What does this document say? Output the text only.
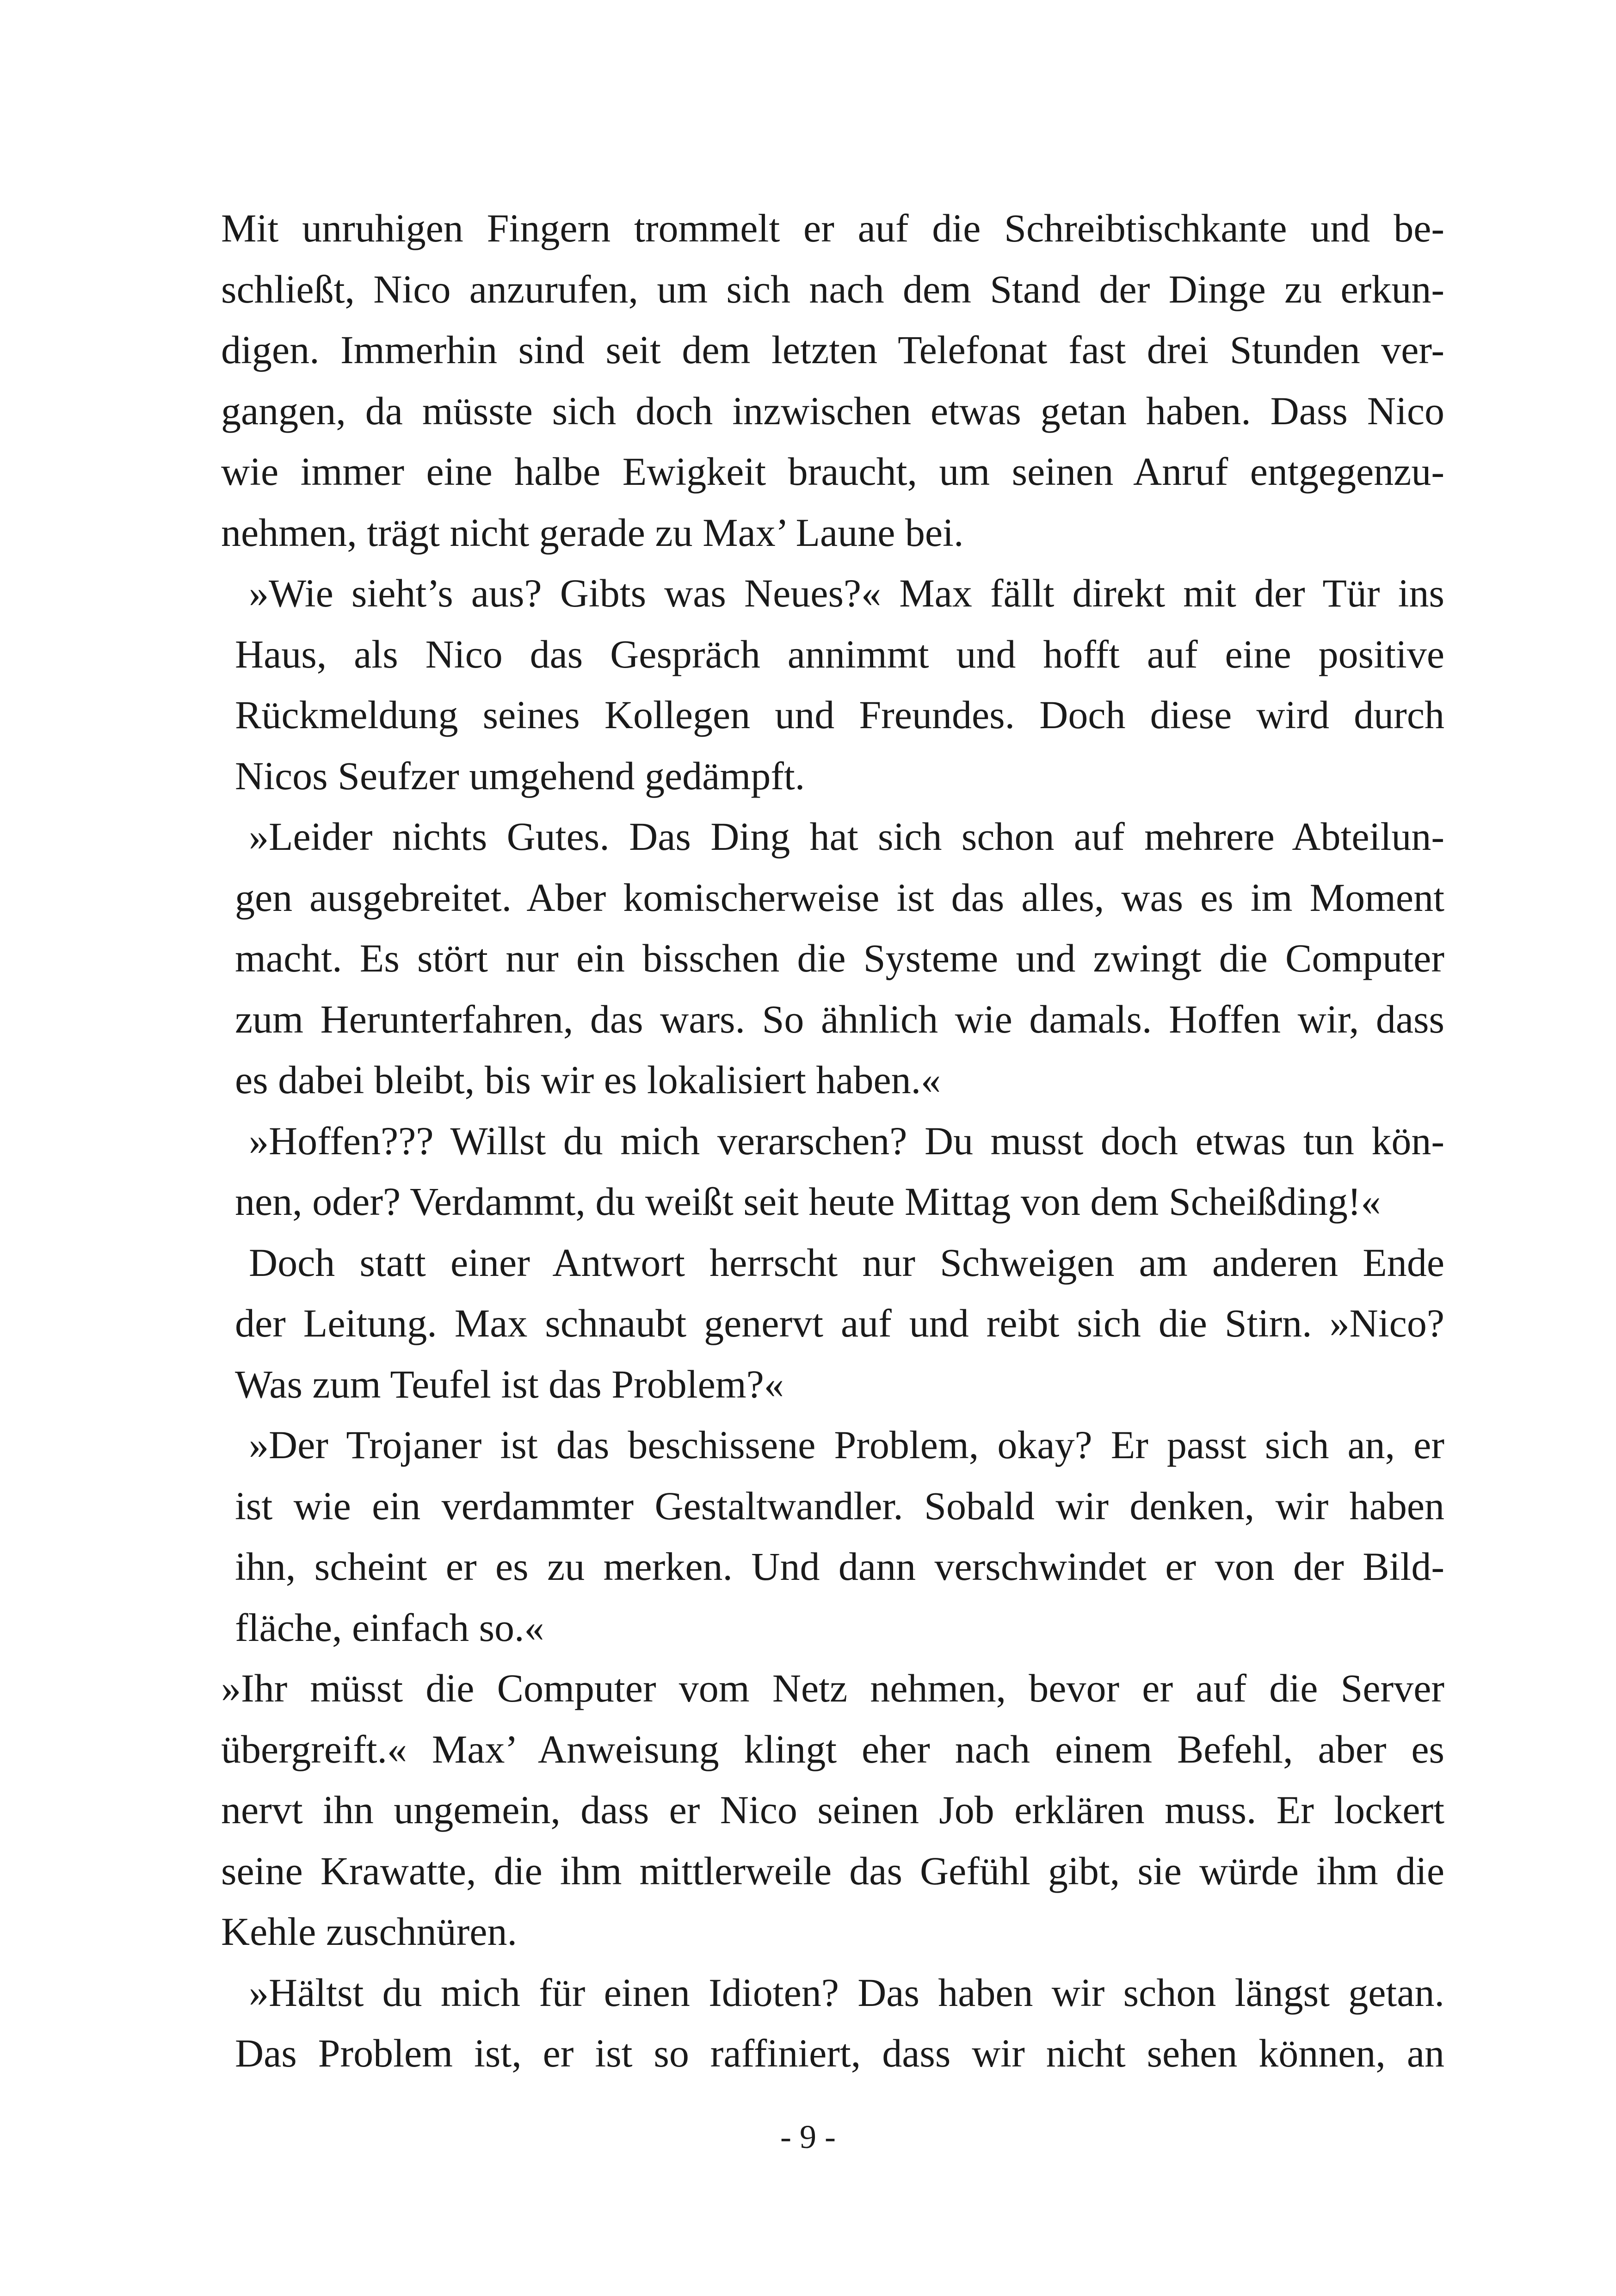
Mit unruhigen Fingern trommelt er auf die Schreibtischkante und be-
schließt, Nico anzurufen, um sich nach dem Stand der Dinge zu erkun-
digen. Immerhin sind seit dem letzten Telefonat fast drei Stunden ver-
gangen, da müsste sich doch inzwischen etwas getan haben. Dass Nico
wie immer eine halbe Ewigkeit braucht, um seinen Anruf entgegenzu-
nehmen, trägt nicht gerade zu Max’ Laune bei.

»Wie sieht’s aus? Gibts was Neues?« Max fällt direkt mit der Tür ins
Haus, als Nico das Gespräch annimmt und hofft auf eine positive
Rückmeldung seines Kollegen und Freundes. Doch diese wird durch
Nicos Seufzer umgehend gedämpft.

»Leider nichts Gutes. Das Ding hat sich schon auf mehrere Abteilun-
gen ausgebreitet. Aber komischerweise ist das alles, was es im Moment
macht. Es stört nur ein bisschen die Systeme und zwingt die Computer
zum Herunterfahren, das wars. So ähnlich wie damals. Hoffen wir, dass
es dabei bleibt, bis wir es lokalisiert haben.«

»Hoffen??? Willst du mich verarschen? Du musst doch etwas tun kön-
nen, oder? Verdammt, du weißt seit heute Mittag von dem Scheißding!«

Doch statt einer Antwort herrscht nur Schweigen am anderen Ende
der Leitung. Max schnaubt genervt auf und reibt sich die Stirn. »Nico?
Was zum Teufel ist das Problem?«

»Der Trojaner ist das beschissene Problem, okay? Er passt sich an, er
ist wie ein verdammter Gestaltwandler. Sobald wir denken, wir haben
ihn, scheint er es zu merken. Und dann verschwindet er von der Bild-
fläche, einfach so.«

»Ihr müsst die Computer vom Netz nehmen, bevor er auf die Server
übergreift.« Max’ Anweisung klingt eher nach einem Befehl, aber es
nervt ihn ungemein, dass er Nico seinen Job erklären muss. Er lockert
seine Krawatte, die ihm mittlerweile das Gefühl gibt, sie würde ihm die
Kehle zuschnüren.

»Hältst du mich für einen Idioten? Das haben wir schon längst getan.
Das Problem ist, er ist so raffiniert, dass wir nicht sehen können, an

- 9 -
